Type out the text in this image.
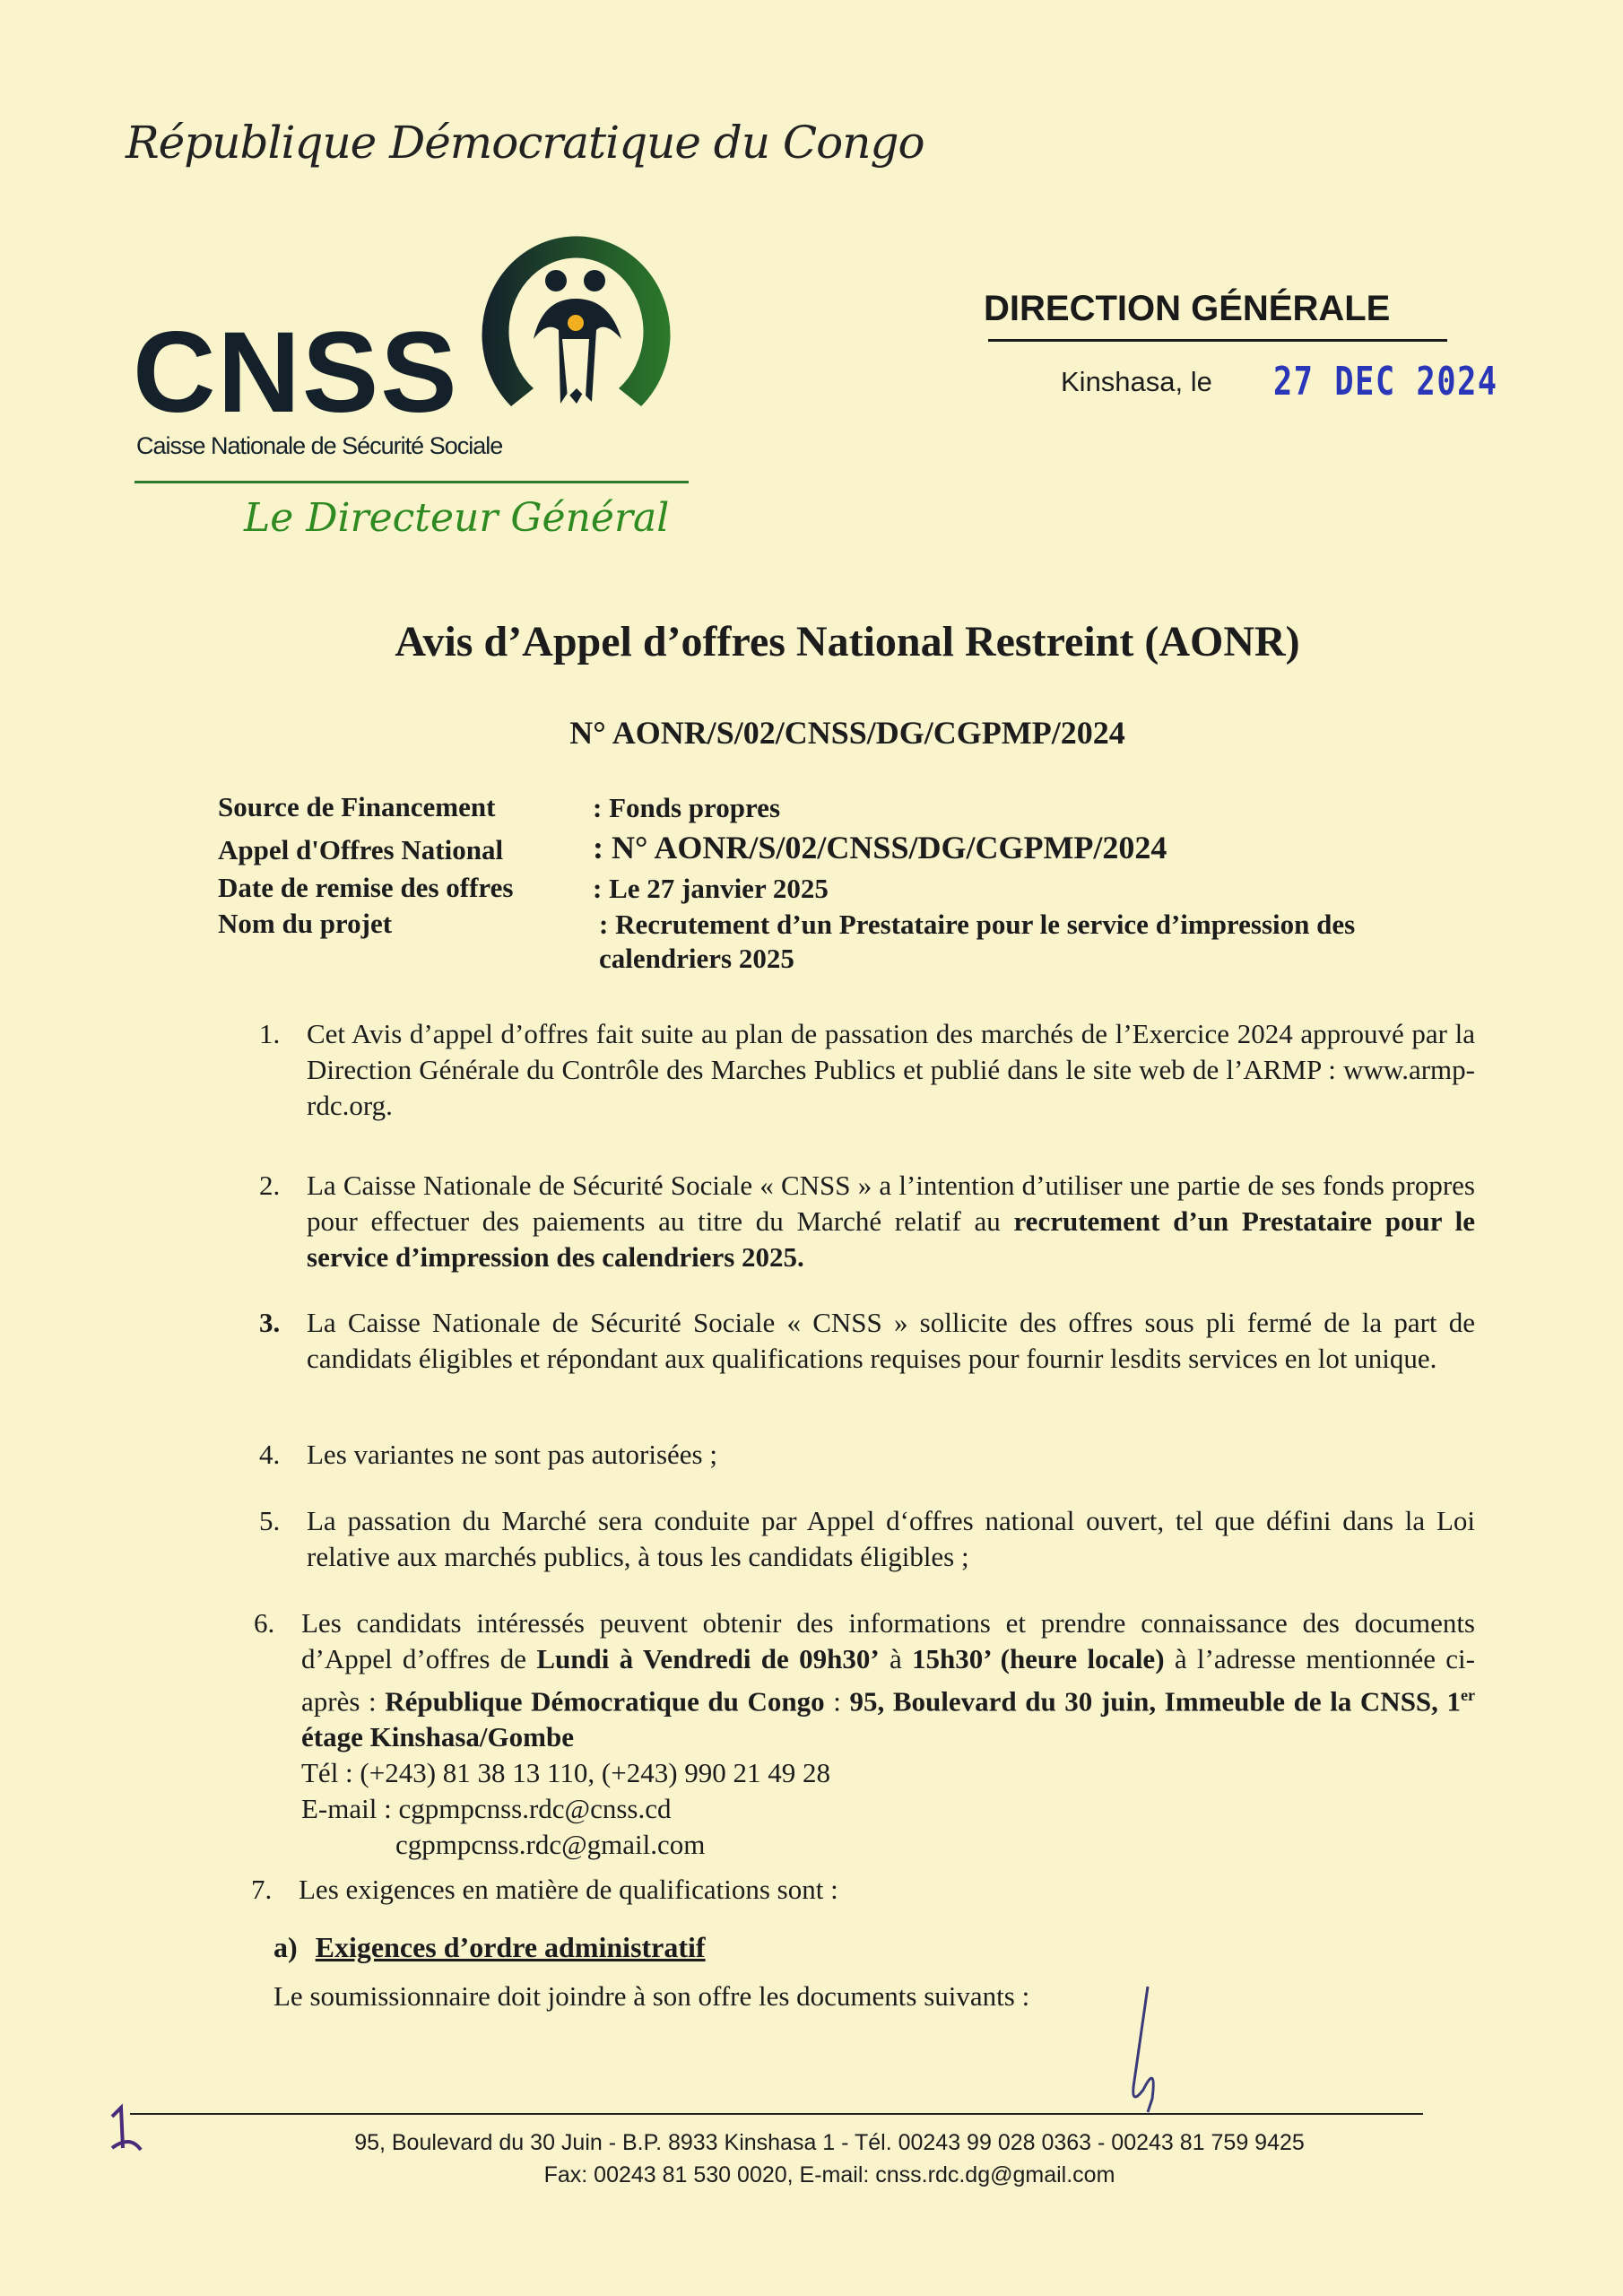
République Démocratique du Congo
CNSS
Caisse Nationale de Sécurité Sociale
Le Directeur Général
DIRECTION GÉNÉRALE
Kinshasa, le 27 DEC 2024
Avis d’Appel d’offres National Restreint (AONR)
N° AONR/S/02/CNSS/DG/CGPMP/2024
Source de Financement	: Fonds propres
Appel d'Offres National	: N° AONR/S/02/CNSS/DG/CGPMP/2024
Date de remise des offres	: Le 27 janvier 2025
Nom du projet	: Recrutement d’un Prestataire pour le service d’impression des calendriers 2025
1. Cet Avis d’appel d’offres fait suite au plan de passation des marchés de l’Exercice 2024 approuvé par la Direction Générale du Contrôle des Marches Publics et publié dans le site web de l’ARMP : www.armp-rdc.org.
2. La Caisse Nationale de Sécurité Sociale « CNSS » a l’intention d’utiliser une partie de ses fonds propres pour effectuer des paiements au titre du Marché relatif au recrutement d’un Prestataire pour le service d’impression des calendriers 2025.
3. La Caisse Nationale de Sécurité Sociale « CNSS » sollicite des offres sous pli fermé de la part de candidats éligibles et répondant aux qualifications requises pour fournir lesdits services en lot unique.
4. Les variantes ne sont pas autorisées ;
5. La passation du Marché sera conduite par Appel d‘offres national ouvert, tel que défini dans la Loi relative aux marchés publics, à tous les candidats éligibles ;
6. Les candidats intéressés peuvent obtenir des informations et prendre connaissance des documents d’Appel d’offres de Lundi à Vendredi de 09h30’ à 15h30’ (heure locale) à l’adresse mentionnée ci-après : République Démocratique du Congo : 95, Boulevard du 30 juin, Immeuble de la CNSS, 1er étage Kinshasa/Gombe
Tél : (+243) 81 38 13 110, (+243) 990 21 49 28
E-mail : cgpmpcnss.rdc@cnss.cd
cgpmpcnss.rdc@gmail.com
7. Les exigences en matière de qualifications sont :
a) Exigences d’ordre administratif
Le soumissionnaire doit joindre à son offre les documents suivants :
95, Boulevard du 30 Juin - B.P. 8933 Kinshasa 1 - Tél. 00243 99 028 0363 - 00243 81 759 9425
Fax: 00243 81 530 0020, E-mail: cnss.rdc.dg@gmail.com
